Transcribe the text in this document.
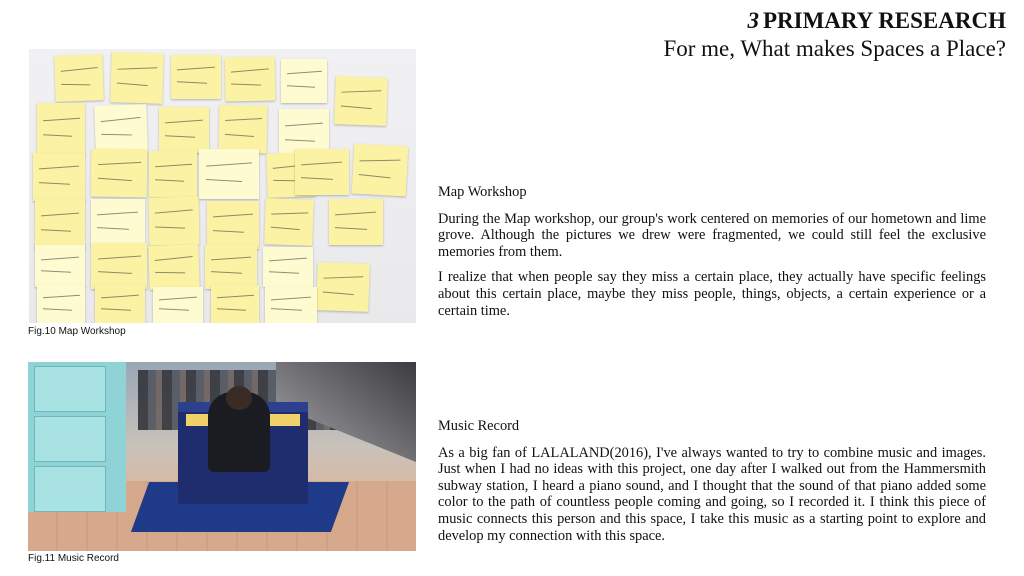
3 PRIMARY RESEARCH
For me, What makes Spaces a Place?
Fig.10 Map Workshop
Fig.11 Music Record
Map Workshop

During the Map workshop, our group's work centered on memories of our hometown and lime grove. Although the pictures we drew were fragmented, we could still feel the exclusive memories from them.

I realize that when people say they miss a certain place, they actually have specific feelings about this certain place, maybe they miss people, things, objects, a certain experience or a certain time.

Music Record

As a big fan of LALALAND(2016), I've always wanted to try to combine music and images. Just when I had no ideas with this project, one day after I walked out from the Hammersmith subway station, I heard a piano sound, and I thought that the sound of that piano added some color to the path of countless people coming and going, so I recorded it. I think this piece of music connects this person and this space, I take this music as a starting point to explore and develop my connection with this space.
